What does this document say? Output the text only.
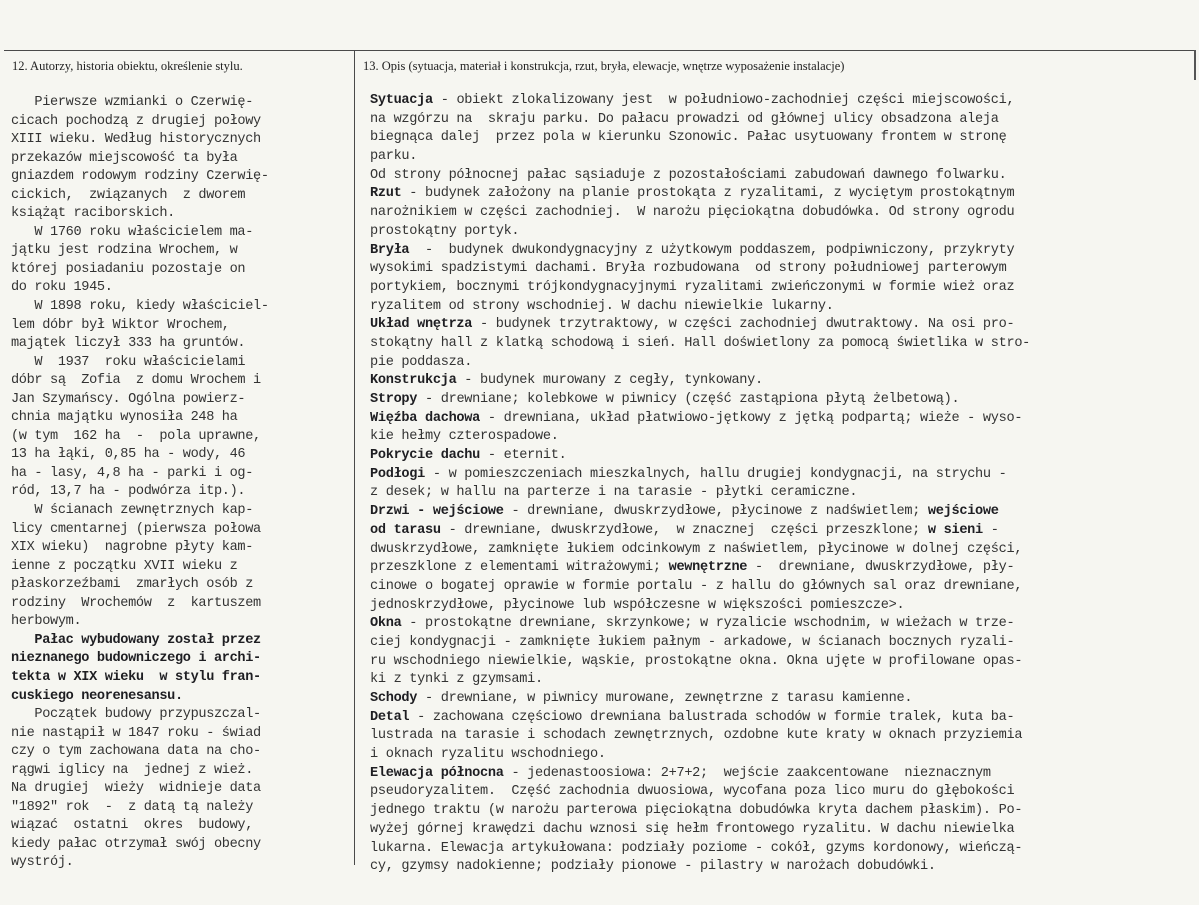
12. Autorzy, historia obiektu, określenie stylu.	13. Opis (sytuacja, materiał i konstrukcja, rzut, bryła, elewacje, wnętrze wyposażenie instalacje)
Pierwsze wzmianki o Czerwię-
cicach pochodzą z drugiej połowy
XIII wieku. Według historycznych
przekazów miejscowość ta była
gniazdem rodowym rodziny Czerwię-
cickich,  związanych  z dworem
książąt raciborskich.
W 1760 roku właścicielem ma-
jątku jest rodzina Wrochem, w
której posiadaniu pozostaje on
do roku 1945.
W 1898 roku, kiedy właściciel-
lem dóbr był Wiktor Wrochem,
majątek liczył 333 ha gruntów.
W  1937  roku właścicielami
dóbr są  Zofia  z domu Wrochem i
Jan Szymańscy. Ogólna powierz-
chnia majątku wynosiła 248 ha
(w tym  162 ha  -  pola uprawne,
13 ha łąki, 0,85 ha - wody, 46
ha - lasy, 4,8 ha - parki i og-
ród, 13,7 ha - podwórza itp.).
W ścianach zewnętrznych kap-
licy cmentarnej (pierwsza połowa
XIX wieku)  nagrobne płyty kam-
ienne z początku XVII wieku z
płaskorzeźbami  zmarłych osób z
rodziny  Wrochemów  z  kartuszem
herbowym.
Pałac wybudowany został przez
nieznanego budowniczego i archi-
tekta w XIX wieku  w stylu fran-
cuskiego neorenesansu.
Początek budowy przypuszczal-
nie nastąpił w 1847 roku - świad
czy o tym zachowana data na cho-
rągwi iglicy na  jednej z wież.
Na drugiej  wieży  widnieje data
"1892" rok  -  z datą tą należy
wiązać  ostatni  okres  budowy,
kiedy pałac otrzymał swój obecny
wystrój.
Sytuacja - obiekt zlokalizowany jest  w południowo-zachodniej części miejscowości,
na wzgórzu na  skraju parku. Do pałacu prowadzi od głównej ulicy obsadzona aleja
biegnąca dalej  przez pola w kierunku Szonowic. Pałac usytuowany frontem w stronę
parku.
Od strony północnej pałac sąsiaduje z pozostałościami zabudowań dawnego folwarku.
Rzut - budynek założony na planie prostokąta z ryzalitami, z wyciętym prostokątnym
narożnikiem w części zachodniej.  W narożu pięciokątna dobudówka. Od strony ogrodu
prostokątny portyk.
Bryła  -  budynek dwukondygnacyjny z użytkowym poddaszem, podpiwniczony, przykryty
wysokimi spadzistymi dachami. Bryła rozbudowana  od strony południowej parterowym
portykiem, bocznymi trójkondygnacyjnymi ryzalitami zwieńczonymi w formie wież oraz
ryzalitem od strony wschodniej. W dachu niewielkie lukarny.
Układ wnętrza - budynek trzytraktowy, w części zachodniej dwutraktowy. Na osi pro-
stokątny hall z klatką schodową i sień. Hall doświetlony za pomocą świetlika w stro-
pie poddasza.
Konstrukcja - budynek murowany z cegły, tynkowany.
Stropy - drewniane; kolebkowe w piwnicy (część zastąpiona płytą żelbetową).
Więźba dachowa - drewniana, układ płatwiowo-jętkowy z jętką podpartą; wieże - wyso-
kie hełmy czterospadowe.
Pokrycie dachu - eternit.
Podłogi - w pomieszczeniach mieszkalnych, hallu drugiej kondygnacji, na strychu -
z desek; w hallu na parterze i na tarasie - płytki ceramiczne.
Drzwi - wejściowe - drewniane, dwuskrzydłowe, płycinowe z nadświetlem; wejściowe
od tarasu - drewniane, dwuskrzydłowe,  w znacznej  części przeszklone; w sieni -
dwuskrzydłowe, zamknięte łukiem odcinkowym z naświetlem, płycinowe w dolnej części,
przeszklone z elementami witrażowymi; wewnętrzne -  drewniane, dwuskrzydłowe, pły-
cinowe o bogatej oprawie w formie portalu - z hallu do głównych sal oraz drewniane,
jednoskrzydłowe, płycinowe lub współczesne w większości pomieszcze>.
Okna - prostokątne drewniane, skrzynkowe; w ryzalicie wschodnim, w wieżach w trze-
ciej kondygnacji - zamknięte łukiem pałnym - arkadowe, w ścianach bocznych ryzali-
ru wschodniego niewielkie, wąskie, prostokątne okna. Okna ujęte w profilowane opas-
ki z tynki z gzymsami.
Schody - drewniane, w piwnicy murowane, zewnętrzne z tarasu kamienne.
Detal - zachowana częściowo drewniana balustrada schodów w formie tralek, kuta ba-
lustrada na tarasie i schodach zewnętrznych, ozdobne kute kraty w oknach przyziemia
i oknach ryzalitu wschodniego.
Elewacja północna - jedenastoosiowa: 2+7+2;  wejście zaakcentowane  nieznacznym
pseudoryzalitem.  Część zachodnia dwuosiowa, wycofana poza lico muru do głębokości
jednego traktu (w narożu parterowa pięciokątna dobudówka kryta dachem płaskim). Po-
wyżej górnej krawędzi dachu wznosi się hełm frontowego ryzalitu. W dachu niewielka
lukarna. Elewacja artykułowana: podziały poziome - cokół, gzyms kordonowy, wieńczą-
cy, gzymsy nadokienne; podziały pionowe - pilastry w narożach dobudówki.
